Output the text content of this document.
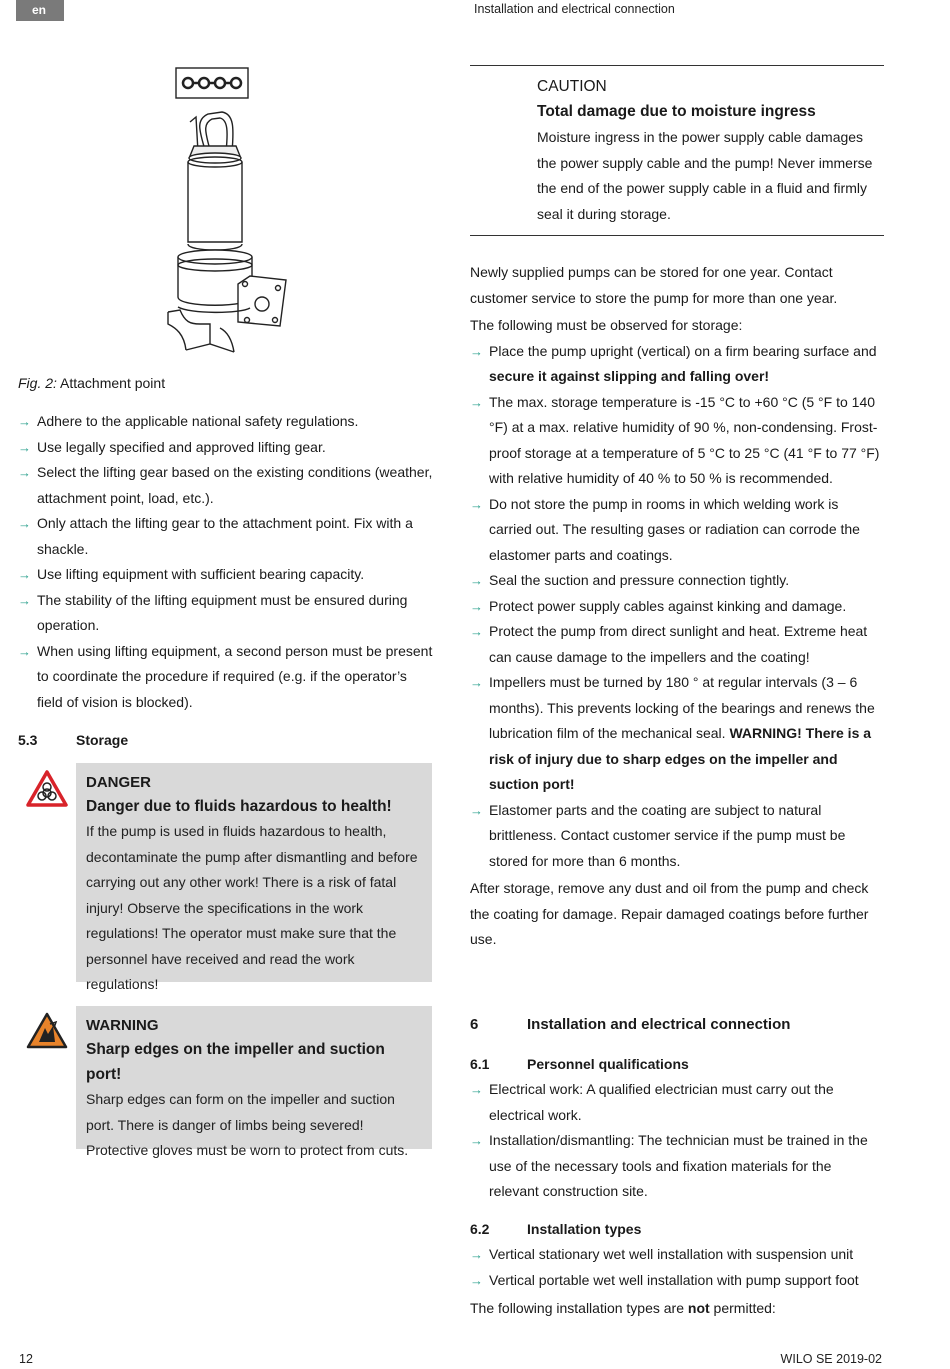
en	Installation and electrical connection
Fig. 2: Attachment point
→ Adhere to the applicable national safety regulations.
→ Use legally specified and approved lifting gear.
→ Select the lifting gear based on the existing conditions (weather, attachment point, load, etc.).
→ Only attach the lifting gear to the attachment point. Fix with a shackle.
→ Use lifting equipment with sufficient bearing capacity.
→ The stability of the lifting equipment must be ensured during operation.
→ When using lifting equipment, a second person must be present to coordinate the procedure if required (e.g. if the operator’s field of vision is blocked).
5.3	Storage
DANGER
Danger due to fluids hazardous to health!
If the pump is used in fluids hazardous to health, decontaminate the pump after dismantling and before carrying out any other work! There is a risk of fatal injury! Observe the specifications in the work regulations! The operator must make sure that the personnel have received and read the work regulations!
WARNING
Sharp edges on the impeller and suction port!
Sharp edges can form on the impeller and suction port. There is danger of limbs being severed! Protective gloves must be worn to protect from cuts.
CAUTION
Total damage due to moisture ingress
Moisture ingress in the power supply cable damages the power supply cable and the pump! Never immerse the end of the power supply cable in a fluid and firmly seal it during storage.
Newly supplied pumps can be stored for one year. Contact customer service to store the pump for more than one year.
The following must be observed for storage:
→ Place the pump upright (vertical) on a firm bearing surface and secure it against slipping and falling over!
→ The max. storage temperature is -15 °C to +60 °C (5 °F to 140 °F) at a max. relative humidity of 90 %, non-condensing. Frost-proof storage at a temperature of 5 °C to 25 °C (41 °F to 77 °F) with relative humidity of 40 % to 50 % is recommended.
→ Do not store the pump in rooms in which welding work is carried out. The resulting gases or radiation can corrode the elastomer parts and coatings.
→ Seal the suction and pressure connection tightly.
→ Protect power supply cables against kinking and damage.
→ Protect the pump from direct sunlight and heat. Extreme heat can cause damage to the impellers and the coating!
→ Impellers must be turned by 180 ° at regular intervals (3 – 6 months). This prevents locking of the bearings and renews the lubrication film of the mechanical seal. WARNING! There is a risk of injury due to sharp edges on the impeller and suction port!
→ Elastomer parts and the coating are subject to natural brittleness. Contact customer service if the pump must be stored for more than 6 months.
After storage, remove any dust and oil from the pump and check the coating for damage. Repair damaged coatings before further use.
6	Installation and electrical connection
6.1	Personnel qualifications
→ Electrical work: A qualified electrician must carry out the electrical work.
→ Installation/dismantling: The technician must be trained in the use of the necessary tools and fixation materials for the relevant construction site.
6.2	Installation types
→ Vertical stationary wet well installation with suspension unit
→ Vertical portable wet well installation with pump support foot
The following installation types are not permitted:
12	WILO SE 2019-02
